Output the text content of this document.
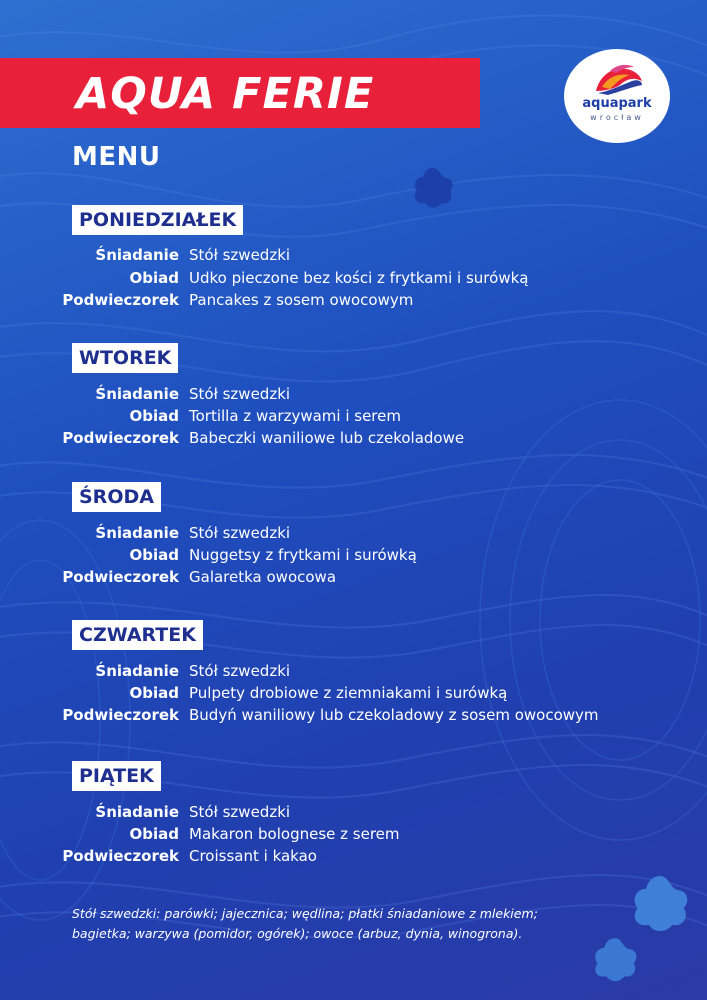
AQUA FERIE
MENU
aquapark
wrocław
PONIEDZIAŁEK
Śniadanie Stół szwedzki
Obiad Udko pieczone bez kości z frytkami i surówką
Podwieczorek Pancakes z sosem owocowym
WTOREK
Śniadanie Stół szwedzki
Obiad Tortilla z warzywami i serem
Podwieczorek Babeczki waniliowe lub czekoladowe
ŚRODA
Śniadanie Stół szwedzki
Obiad Nuggetsy z frytkami i surówką
Podwieczorek Galaretka owocowa
CZWARTEK
Śniadanie Stół szwedzki
Obiad Pulpety drobiowe z ziemniakami i surówką
Podwieczorek Budyń waniliowy lub czekoladowy z sosem owocowym
PIĄTEK
Śniadanie Stół szwedzki
Obiad Makaron bolognese z serem
Podwieczorek Croissant i kakao
Stół szwedzki: parówki; jajecznica; wędlina; płatki śniadaniowe z mlekiem;
bagietka; warzywa (pomidor, ogórek); owoce (arbuz, dynia, winogrona).
